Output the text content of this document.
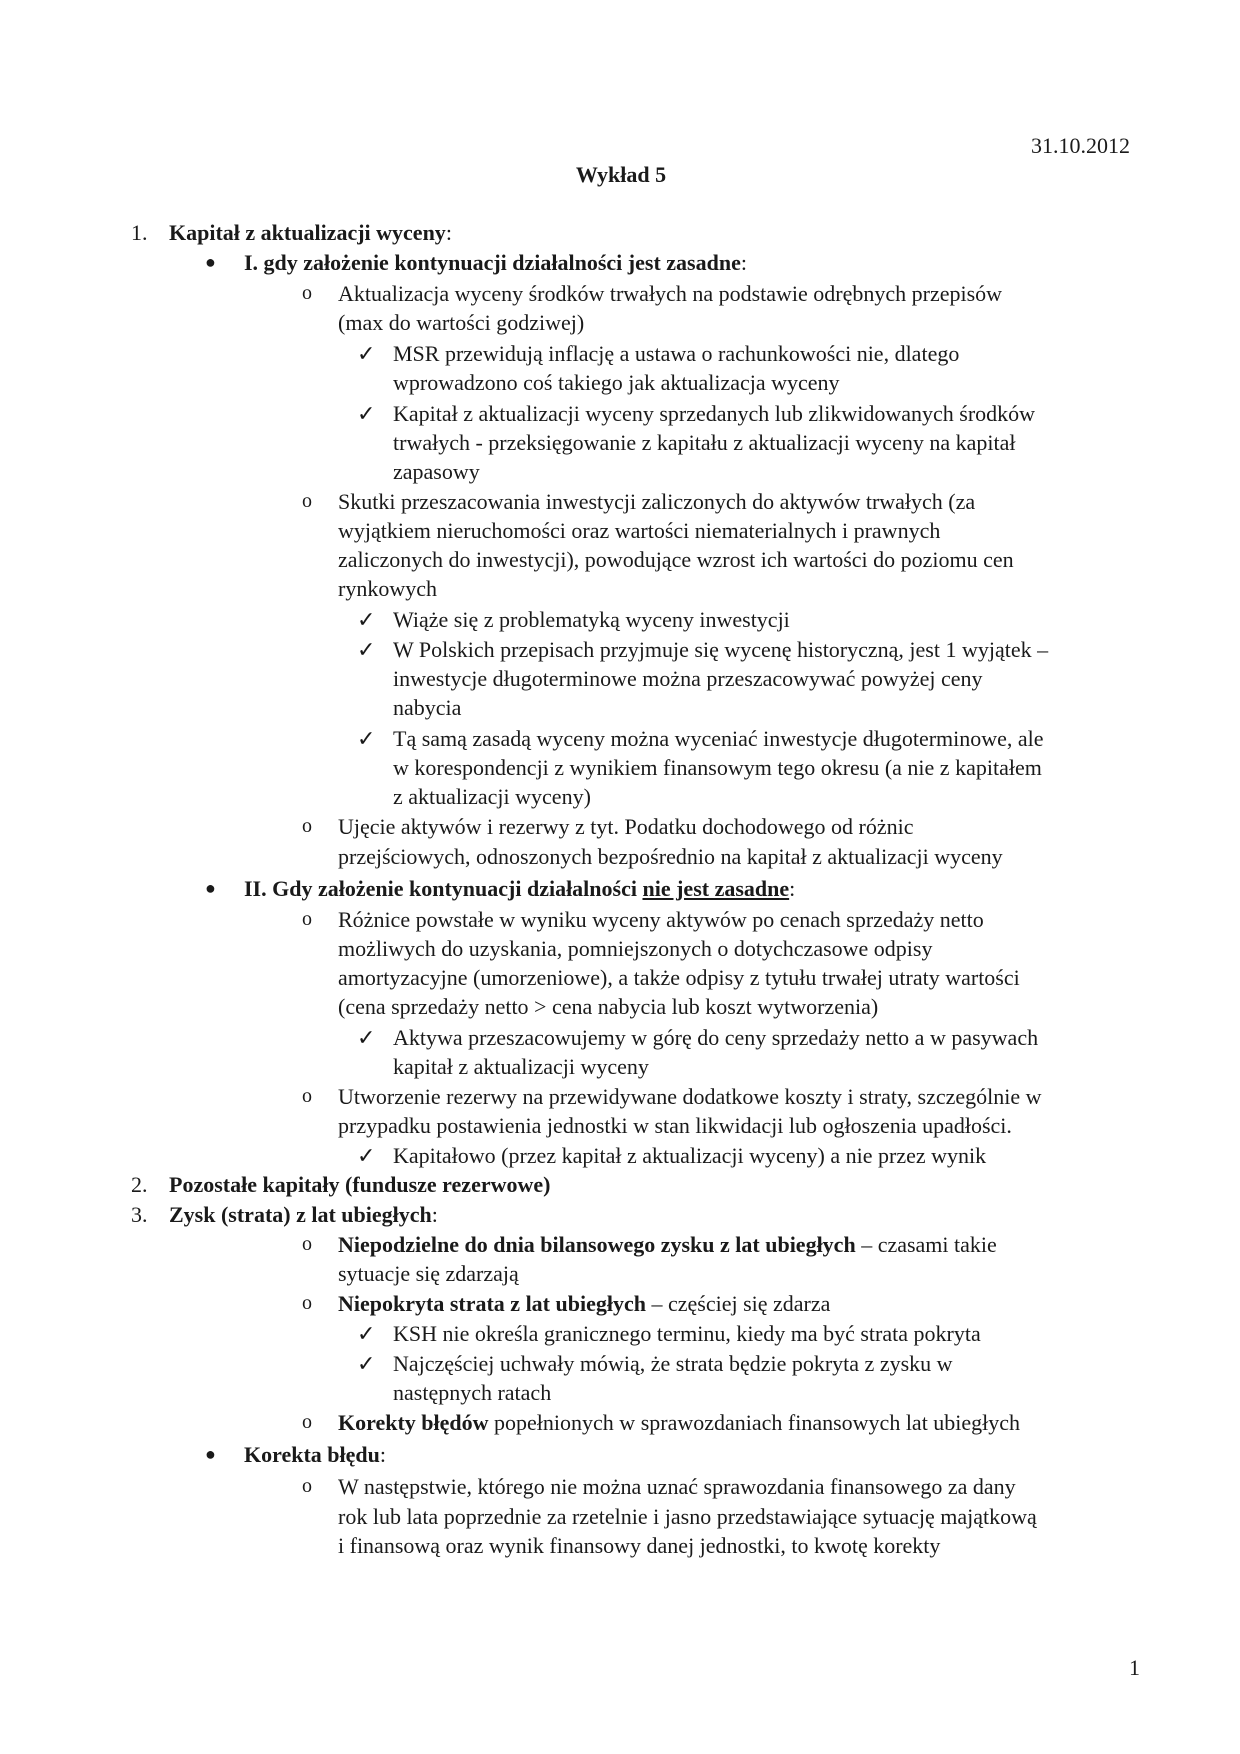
31.10.2012
Wykład 5
1. Kapitał z aktualizacji wyceny:
● I. gdy założenie kontynuacji działalności jest zasadne:
o Aktualizacja wyceny środków trwałych na podstawie odrębnych przepisów
(max do wartości godziwej)
✓ MSR przewidują inflację a ustawa o rachunkowości nie, dlatego
wprowadzono coś takiego jak aktualizacja wyceny
✓ Kapitał z aktualizacji wyceny sprzedanych lub zlikwidowanych środków
trwałych - przeksięgowanie z kapitału z aktualizacji wyceny na kapitał
zapasowy
o Skutki przeszacowania inwestycji zaliczonych do aktywów trwałych (za
wyjątkiem nieruchomości oraz wartości niematerialnych i prawnych
zaliczonych do inwestycji), powodujące wzrost ich wartości do poziomu cen
rynkowych
✓ Wiąże się z problematyką wyceny inwestycji
✓ W Polskich przepisach przyjmuje się wycenę historyczną, jest 1 wyjątek –
inwestycje długoterminowe można przeszacowywać powyżej ceny
nabycia
✓ Tą samą zasadą wyceny można wyceniać inwestycje długoterminowe, ale
w korespondencji z wynikiem finansowym tego okresu (a nie z kapitałem
z aktualizacji wyceny)
o Ujęcie aktywów i rezerwy z tyt. Podatku dochodowego od różnic
przejściowych, odnoszonych bezpośrednio na kapitał z aktualizacji wyceny
● II. Gdy założenie kontynuacji działalności nie jest zasadne:
o Różnice powstałe w wyniku wyceny aktywów po cenach sprzedaży netto
możliwych do uzyskania, pomniejszonych o dotychczasowe odpisy
amortyzacyjne (umorzeniowe), a także odpisy z tytułu trwałej utraty wartości
(cena sprzedaży netto > cena nabycia lub koszt wytworzenia)
✓ Aktywa przeszacowujemy w górę do ceny sprzedaży netto a w pasywach
kapitał z aktualizacji wyceny
o Utworzenie rezerwy na przewidywane dodatkowe koszty i straty, szczególnie w
przypadku postawienia jednostki w stan likwidacji lub ogłoszenia upadłości.
✓ Kapitałowo (przez kapitał z aktualizacji wyceny) a nie przez wynik
2. Pozostałe kapitały (fundusze rezerwowe)
3. Zysk (strata) z lat ubiegłych:
o Niepodzielne do dnia bilansowego zysku z lat ubiegłych – czasami takie
sytuacje się zdarzają
o Niepokryta strata z lat ubiegłych – częściej się zdarza
✓ KSH nie określa granicznego terminu, kiedy ma być strata pokryta
✓ Najczęściej uchwały mówią, że strata będzie pokryta z zysku w
następnych ratach
o Korekty błędów popełnionych w sprawozdaniach finansowych lat ubiegłych
● Korekta błędu:
o W następstwie, którego nie można uznać sprawozdania finansowego za dany
rok lub lata poprzednie za rzetelnie i jasno przedstawiające sytuację majątkową
i finansową oraz wynik finansowy danej jednostki, to kwotę korekty
1
